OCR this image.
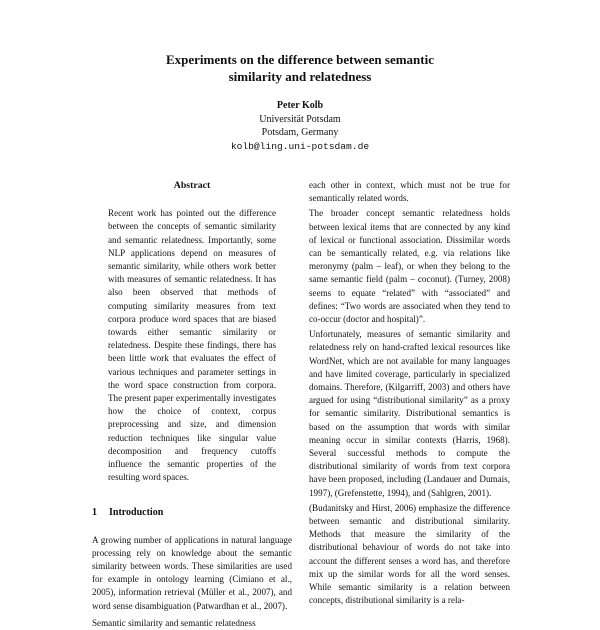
Experiments on the difference between semantic
similarity and relatedness
Peter Kolb
Universität Potsdam
Potsdam, Germany
kolb@ling.uni-potsdam.de
Abstract

Recent work has pointed out the difference between the concepts of semantic similarity and semantic relatedness. Importantly, some NLP applications depend on measures of semantic similarity, while others work better with measures of semantic relatedness. It has also been observed that methods of computing similarity measures from text corpora produce word spaces that are biased towards either semantic similarity or relatedness. Despite these findings, there has been little work that evaluates the effect of various techniques and parameter settings in the word space construction from corpora. The present paper experimentally investigates how the choice of context, corpus preprocessing and size, and dimension reduction techniques like singular value decomposition and frequency cutoffs influence the semantic properties of the resulting word spaces.

1 Introduction

A growing number of applications in natural language processing rely on knowledge about the semantic similarity between words. These similarities are used for example in ontology learning (Cimiano et al., 2005), information retrieval (Müller et al., 2007), and word sense disambiguation (Patwardhan et al., 2007).

Semantic similarity and semantic relatedness

each other in context, which must not be true for semantically related words.

The broader concept semantic relatedness holds between lexical items that are connected by any kind of lexical or functional association. Dissimilar words can be semantically related, e.g. via relations like meronymy (palm – leaf), or when they belong to the same semantic field (palm – coconut). (Turney, 2008) seems to equate “related” with “associated” and defines: “Two words are associated when they tend to co-occur (doctor and hospital)”.

Unfortunately, measures of semantic similarity and relatedness rely on hand-crafted lexical resources like WordNet, which are not available for many languages and have limited coverage, particularly in specialized domains. Therefore, (Kilgarriff, 2003) and others have argued for using “distributional similarity” as a proxy for semantic similarity. Distributional semantics is based on the assumption that words with similar meaning occur in similar contexts (Harris, 1968). Several successful methods to compute the distributional similarity of words from text corpora have been proposed, including (Landauer and Dumais, 1997), (Grefenstette, 1994), and (Sahlgren, 2001).

(Budanitsky and Hirst, 2006) emphasize the difference between semantic and distributional similarity. Methods that measure the similarity of the distributional behaviour of words do not take into account the different senses a word has, and therefore mix up the similar words for all the word senses. While semantic similarity is a relation between concepts, distributional similarity is a rela-
